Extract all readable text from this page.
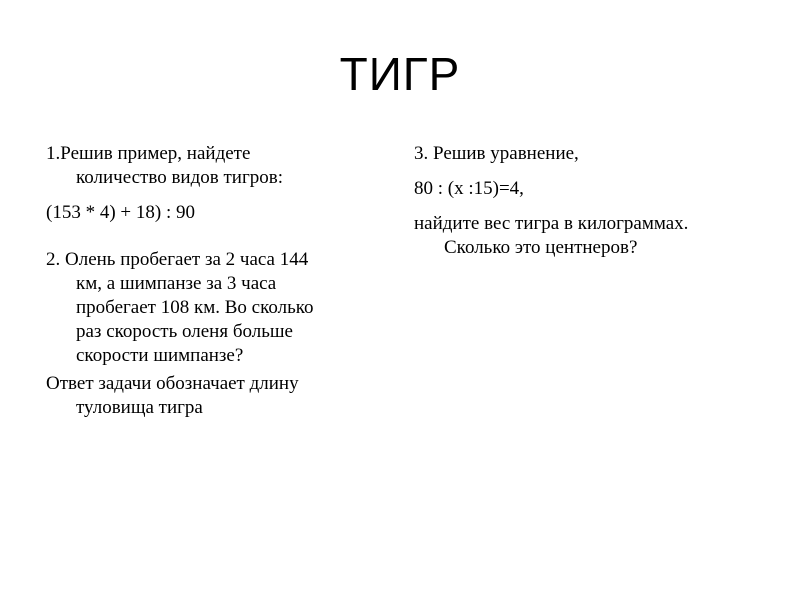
ТИГР

1.Решив пример, найдете
количество видов тигров:

(153 * 4) + 18) : 90

2. Олень пробегает за 2 часа 144
км, а шимпанзе за 3 часа
пробегает 108 км. Во сколько
раз скорость оленя больше
скорости шимпанзе?

Ответ задачи обозначает длину
туловища тигра

3. Решив уравнение,

80 : (х :15)=4,

найдите вес тигра в килограммах.
Сколько это центнеров?
